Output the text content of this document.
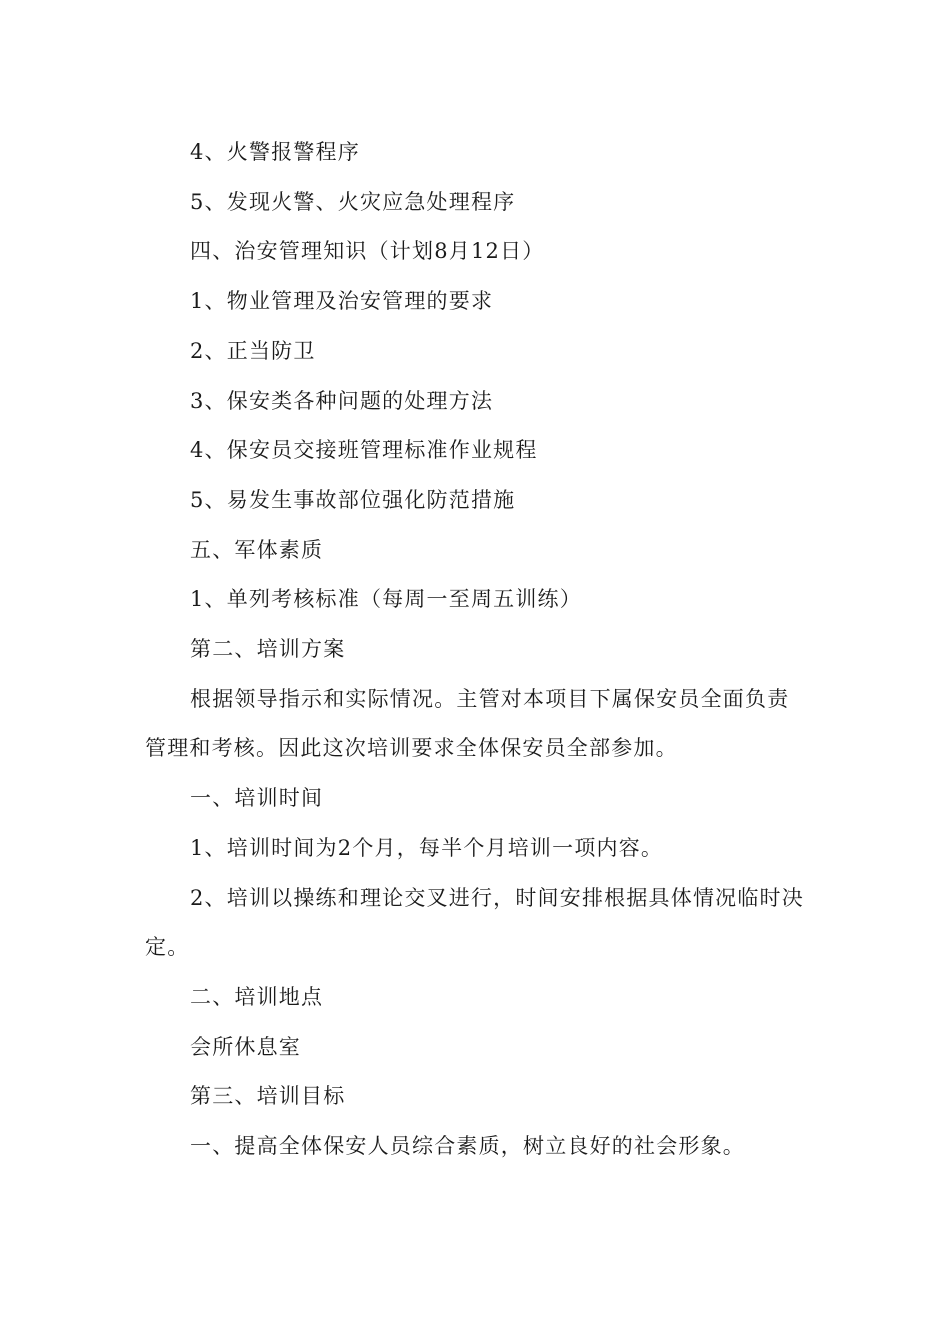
4、火警报警程序

5、发现火警、火灾应急处理程序

四、治安管理知识（计划8月12日）

1、物业管理及治安管理的要求

2、正当防卫

3、保安类各种问题的处理方法

4、保安员交接班管理标准作业规程

5、易发生事故部位强化防范措施

五、军体素质

1、单列考核标准（每周一至周五训练）

第二、培训方案

根据领导指示和实际情况。主管对本项目下属保安员全面负责管理和考核。因此这次培训要求全体保安员全部参加。

一、培训时间

1、培训时间为2个月，每半个月培训一项内容。

2、培训以操练和理论交叉进行，时间安排根据具体情况临时决定。

二、培训地点

会所休息室

第三、培训目标

一、提高全体保安人员综合素质，树立良好的社会形象。
